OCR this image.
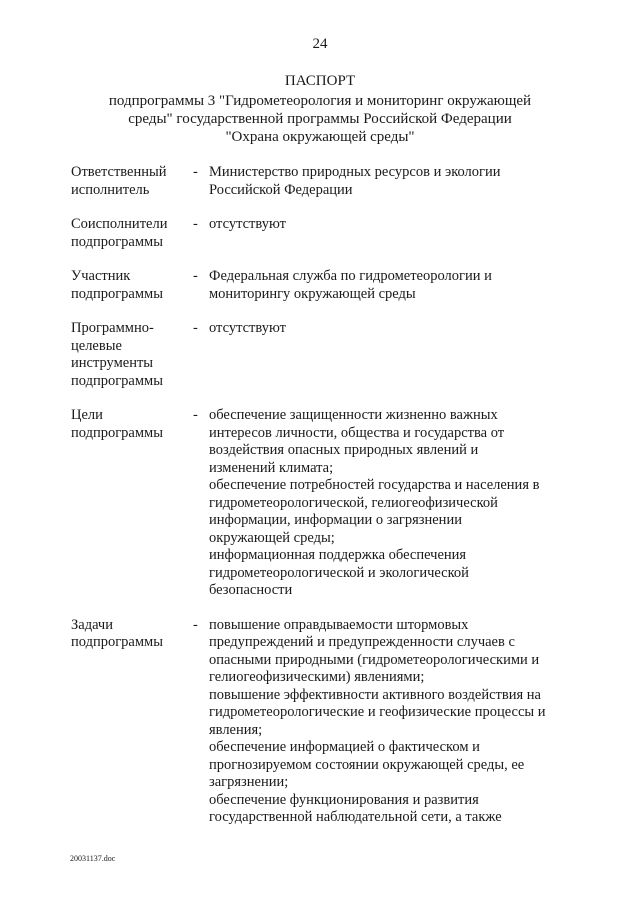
24
ПАСПОРТ
подпрограммы 3 "Гидрометеорология и мониторинг окружающей
среды" государственной программы Российской Федерации
"Охрана окружающей среды"
Ответственный
исполнитель
- Министерство природных ресурсов и экологии
Российской Федерации
Соисполнители
подпрограммы
- отсутствуют
Участник
подпрограммы
- Федеральная служба по гидрометеорологии и
мониторингу окружающей среды
Программно-
целевые
инструменты
подпрограммы
- отсутствуют
Цели
подпрограммы
- обеспечение защищенности жизненно важных
интересов личности, общества и государства от
воздействия опасных природных явлений и
изменений климата;
обеспечение потребностей государства и населения в
гидрометеорологической, гелиогеофизической
информации, информации о загрязнении
окружающей среды;
информационная поддержка обеспечения
гидрометеорологической и экологической
безопасности
Задачи
подпрограммы
- повышение оправдываемости штормовых
предупреждений и предупрежденности случаев с
опасными природными (гидрометеорологическими и
гелиогеофизическими) явлениями;
повышение эффективности активного воздействия на
гидрометеорологические и геофизические процессы и
явления;
обеспечение информацией о фактическом и
прогнозируемом состоянии окружающей среды, ее
загрязнении;
обеспечение функционирования и развития
государственной наблюдательной сети, а также
20031137.doc
